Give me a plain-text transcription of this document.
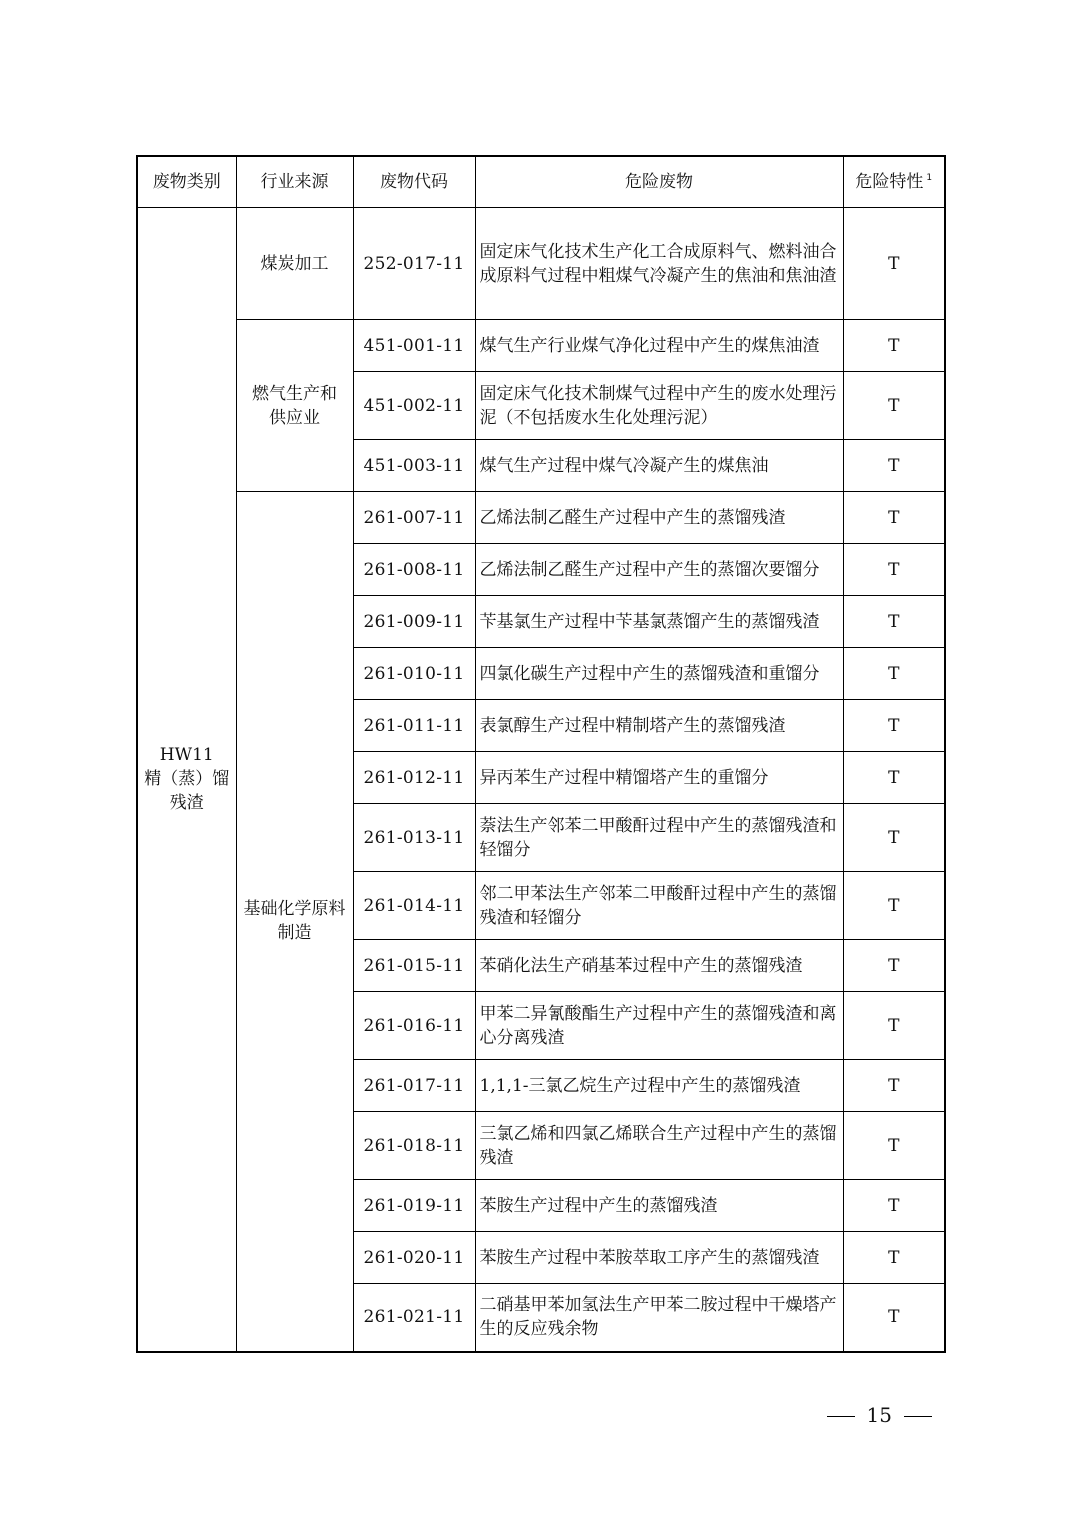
废物类别	行业来源	废物代码	危险废物	危险特性 $^1$

HW11
精（蒸）馏
残渣	煤炭加工	252-017-11	固定床气化技术生产化工合成原料气、燃料油合成原料气过程中粗煤气冷凝产生的焦油和焦油渣	T

	燃气生产和
供应业	451-001-11	煤气生产行业煤气净化过程中产生的煤焦油渣	T
		451-002-11	固定床气化技术制煤气过程中产生的废水处理污泥（不包括废水生化处理污泥）	T
		451-003-11	煤气生产过程中煤气冷凝产生的煤焦油	T

	基础化学原料
制造	261-007-11	乙烯法制乙醛生产过程中产生的蒸馏残渣	T
		261-008-11	乙烯法制乙醛生产过程中产生的蒸馏次要馏分	T
		261-009-11	苄基氯生产过程中苄基氯蒸馏产生的蒸馏残渣	T
		261-010-11	四氯化碳生产过程中产生的蒸馏残渣和重馏分	T
		261-011-11	表氯醇生产过程中精制塔产生的蒸馏残渣	T
		261-012-11	异丙苯生产过程中精馏塔产生的重馏分	T
		261-013-11	萘法生产邻苯二甲酸酐过程中产生的蒸馏残渣和轻馏分	T
		261-014-11	邻二甲苯法生产邻苯二甲酸酐过程中产生的蒸馏残渣和轻馏分	T
		261-015-11	苯硝化法生产硝基苯过程中产生的蒸馏残渣	T
		261-016-11	甲苯二异氰酸酯生产过程中产生的蒸馏残渣和离心分离残渣	T
		261-017-11	1,1,1-三氯乙烷生产过程中产生的蒸馏残渣	T
		261-018-11	三氯乙烯和四氯乙烯联合生产过程中产生的蒸馏残渣	T
		261-019-11	苯胺生产过程中产生的蒸馏残渣	T
		261-020-11	苯胺生产过程中苯胺萃取工序产生的蒸馏残渣	T
		261-021-11	二硝基甲苯加氢法生产甲苯二胺过程中干燥塔产生的反应残余物	T
15
